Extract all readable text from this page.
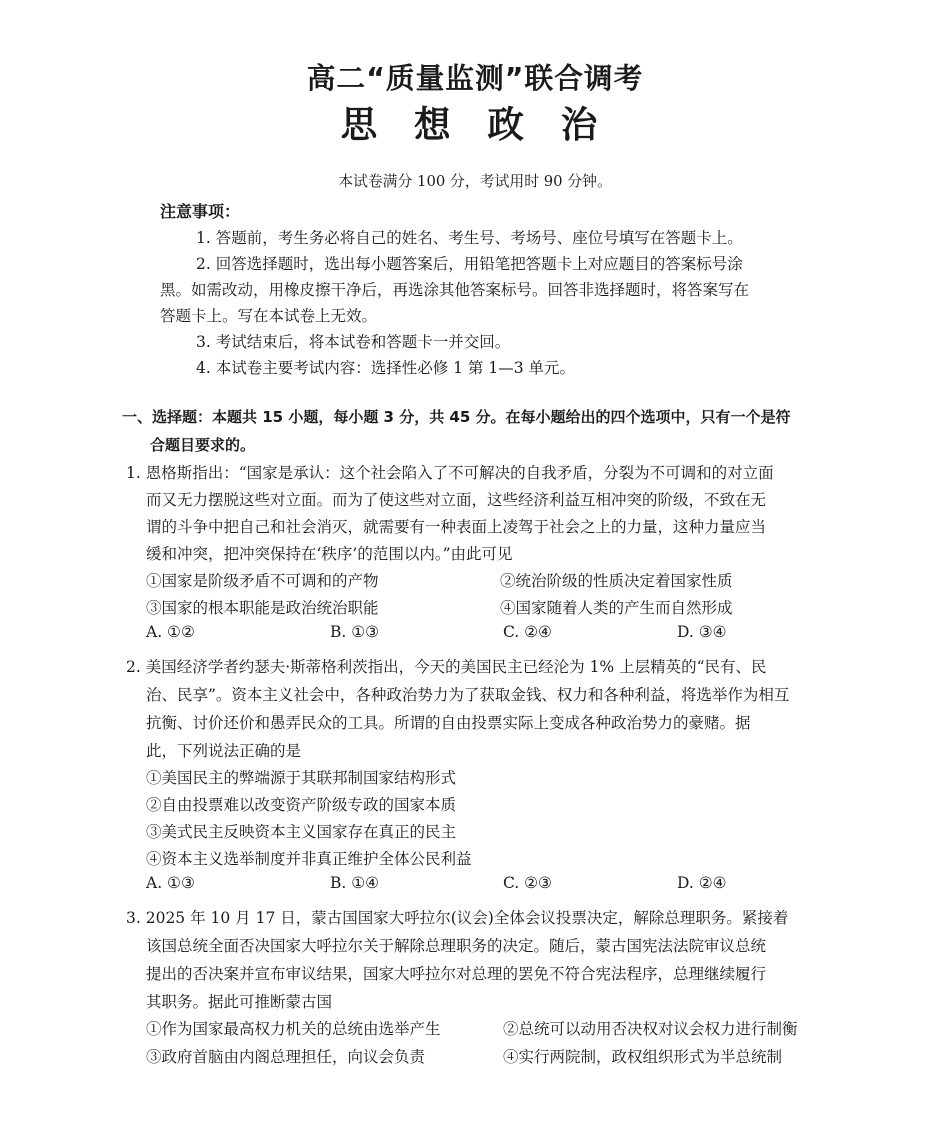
高二“质量监测”联合调考
思 想 政 治
本试卷满分 100 分，考试用时 90 分钟。
注意事项：
1. 答题前，考生务必将自己的姓名、考生号、考场号、座位号填写在答题卡上。
2. 回答选择题时，选出每小题答案后，用铅笔把答题卡上对应题目的答案标号涂
黑。如需改动，用橡皮擦干净后，再选涂其他答案标号。回答非选择题时，将答案写在
答题卡上。写在本试卷上无效。
3. 考试结束后，将本试卷和答题卡一并交回。
4. 本试卷主要考试内容：选择性必修 1 第 1—3 单元。
一、选择题：本题共 15 小题，每小题 3 分，共 45 分。在每小题给出的四个选项中，只有一个是符
合题目要求的。
1. 恩格斯指出：“国家是承认：这个社会陷入了不可解决的自我矛盾，分裂为不可调和的对立面
而又无力摆脱这些对立面。而为了使这些对立面，这些经济利益互相冲突的阶级，不致在无
谓的斗争中把自己和社会消灭，就需要有一种表面上凌驾于社会之上的力量，这种力量应当
缓和冲突，把冲突保持在‘秩序’的范围以内。”由此可见
①国家是阶级矛盾不可调和的产物	②统治阶级的性质决定着国家性质
③国家的根本职能是政治统治职能	④国家随着人类的产生而自然形成
A. ①②	B. ①③	C. ②④	D. ③④
2. 美国经济学者约瑟夫·斯蒂格利茨指出，今天的美国民主已经沦为 1% 上层精英的“民有、民
治、民享”。资本主义社会中，各种政治势力为了获取金钱、权力和各种利益，将选举作为相互
抗衡、讨价还价和愚弄民众的工具。所谓的自由投票实际上变成各种政治势力的豪赌。据
此，下列说法正确的是
①美国民主的弊端源于其联邦制国家结构形式
②自由投票难以改变资产阶级专政的国家本质
③美式民主反映资本主义国家存在真正的民主
④资本主义选举制度并非真正维护全体公民利益
A. ①③	B. ①④	C. ②③	D. ②④
3. 2025 年 10 月 17 日，蒙古国国家大呼拉尔(议会)全体会议投票决定，解除总理职务。紧接着
该国总统全面否决国家大呼拉尔关于解除总理职务的决定。随后，蒙古国宪法法院审议总统
提出的否决案并宣布审议结果，国家大呼拉尔对总理的罢免不符合宪法程序，总理继续履行
其职务。据此可推断蒙古国
①作为国家最高权力机关的总统由选举产生	②总统可以动用否决权对议会权力进行制衡
③政府首脑由内阁总理担任，向议会负责	④实行两院制，政权组织形式为半总统制
